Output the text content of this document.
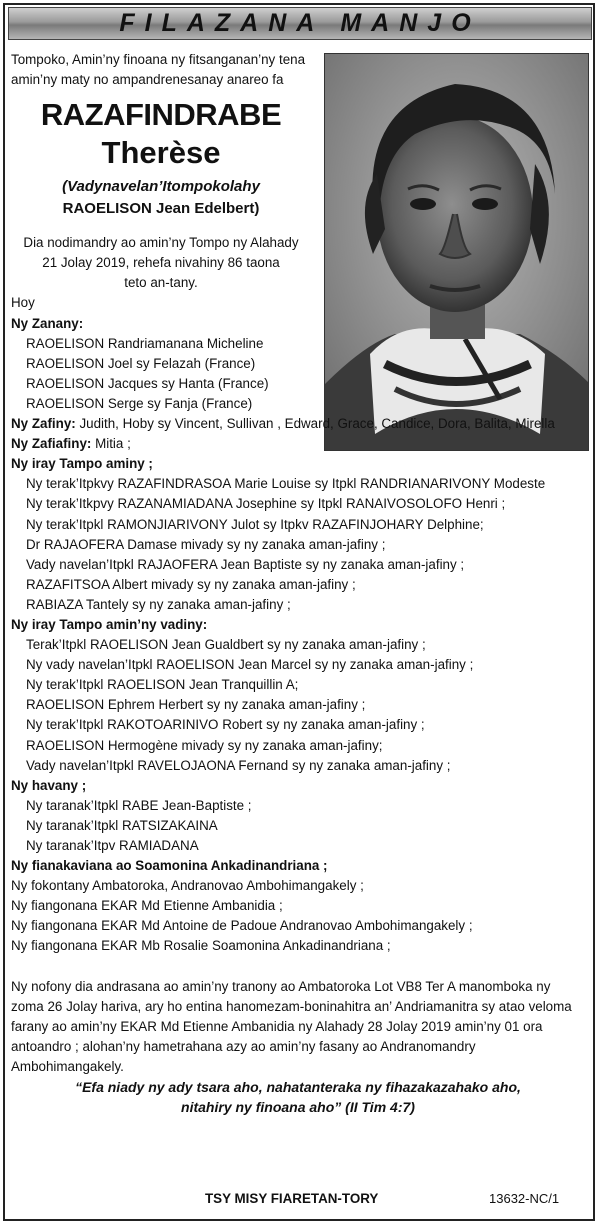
FILAZANA MANJO

Tompoko, Amin’ny finoana ny fitsanganan’ny tena

amin’ny maty no ampandrenesanay anareo fa

RAZAFINDRABE
Therèse
(Vadynavelan’Itompokolahy
RAOELISON Jean Edelbert)

Dia nodimandry ao amin’ny Tompo ny Alahady

21 Jolay 2019, rehefa nivahiny 86 taona

teto an-tany.

Hoy

Ny Zanany:

RAOELISON Randriamanana Micheline

RAOELISON Joel sy Felazah (France)

RAOELISON Jacques sy Hanta (France)

RAOELISON Serge sy Fanja (France)

Ny Zafiny: Judith, Hoby sy Vincent, Sullivan , Edward, Grace, Candice, Dora, Balita, Mirella

Ny Zafiafiny: Mitia ;

Ny iray Tampo aminy ;

Ny terak’Itpkvy RAZAFINDRASOA Marie Louise sy Itpkl RANDRIANARIVONY Modeste

Ny terak’Itkpvy RAZANAMIADANA Josephine sy Itpkl RANAIVOSOLOFO Henri ;

Ny terak’Itpkl RAMONJIARIVONY Julot sy Itpkv RAZAFINJOHARY Delphine;

Dr RAJAOFERA Damase mivady sy ny zanaka aman-jafiny ;

Vady navelan’Itpkl RAJAOFERA Jean Baptiste sy ny zanaka aman-jafiny ;

RAZAFITSOA Albert mivady sy ny zanaka aman-jafiny ;

RABIAZA Tantely sy ny zanaka aman-jafiny ;

Ny iray Tampo amin’ny vadiny:

Terak’Itpkl RAOELISON Jean Gualdbert sy ny zanaka aman-jafiny ;

Ny vady navelan’Itpkl RAOELISON Jean Marcel sy ny zanaka aman-jafiny ;

Ny terak’Itpkl RAOELISON Jean Tranquillin A;

RAOELISON Ephrem Herbert sy ny zanaka aman-jafiny ;

Ny terak’Itpkl RAKOTOARINIVO Robert sy ny zanaka aman-jafiny ;

RAOELISON Hermogène mivady sy ny zanaka aman-jafiny;

Vady navelan’Itpkl RAVELOJAONA Fernand sy ny zanaka aman-jafiny ;

Ny havany ;

Ny taranak’Itpkl RABE Jean-Baptiste ;

Ny taranak’Itpkl RATSIZAKAINA

Ny taranak’Itpv RAMIADANA

Ny fianakaviana ao Soamonina Ankadinandriana ;

Ny fokontany Ambatoroka, Andranovao Ambohimangakely ;

Ny fiangonana EKAR Md Etienne Ambanidia ;

Ny fiangonana EKAR Md Antoine de Padoue Andranovao Ambohimangakely ;

Ny fiangonana EKAR Mb Rosalie Soamonina Ankadinandriana ;

Ny nofony dia andrasana ao amin’ny tranony ao Ambatoroka Lot VB8 Ter A manomboka ny zoma 26 Jolay hariva, ary ho entina hanomezam-boninahitra an’ Andriamanitra sy atao veloma farany ao amin’ny EKAR Md Etienne Ambanidia ny Alahady 28 Jolay 2019 amin’ny 01 ora antoandro ; alohan’ny hametrahana azy ao amin’ny fasany ao Andranomandry Ambohimangakely.

“Efa niady ny ady tsara aho, nahatanteraka ny fihazakazahako aho,

nitahiry ny finoana aho” (II Tim 4:7)

TSY MISY FIARETAN-TORY	13632-NC/1
